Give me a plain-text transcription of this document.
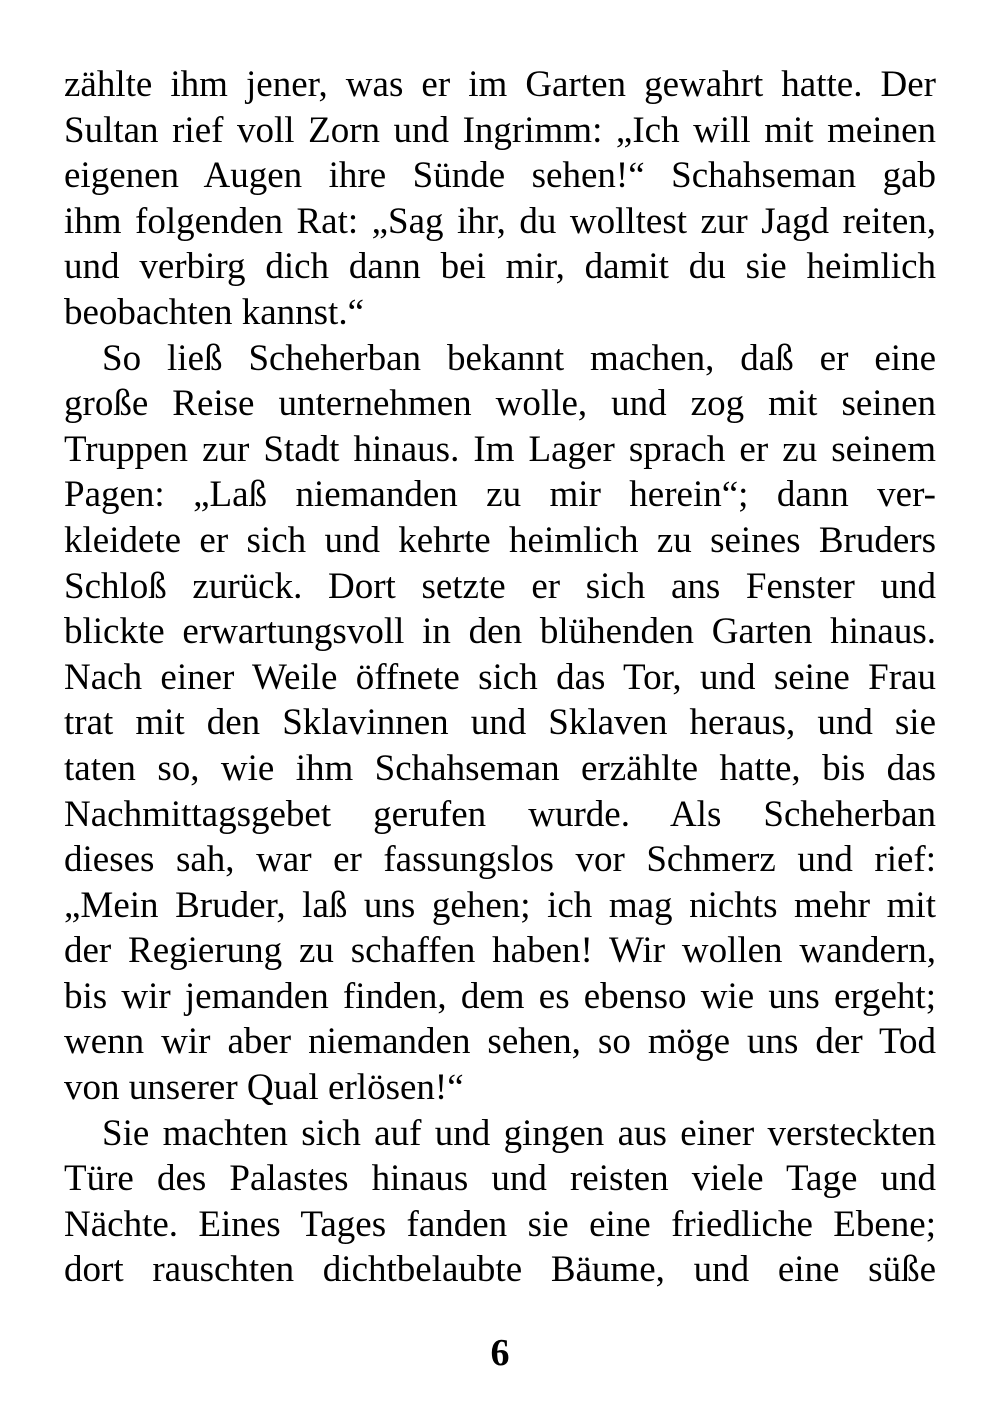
zählte ihm jener, was er im Garten gewahrt hatte. Der
Sultan rief voll Zorn und Ingrimm: „Ich will mit meinen
eigenen Augen ihre Sünde sehen!“ Schahseman gab
ihm folgenden Rat: „Sag ihr, du wolltest zur Jagd reiten,
und verbirg dich dann bei mir, damit du sie heimlich
beobachten kannst.“
So ließ Scheherban bekannt machen, daß er eine
große Reise unternehmen wolle, und zog mit seinen
Truppen zur Stadt hinaus. Im Lager sprach er zu seinem
Pagen: „Laß niemanden zu mir herein“; dann ver-
kleidete er sich und kehrte heimlich zu seines Bruders
Schloß zurück. Dort setzte er sich ans Fenster und
blickte erwartungsvoll in den blühenden Garten hinaus.
Nach einer Weile öffnete sich das Tor, und seine Frau
trat mit den Sklavinnen und Sklaven heraus, und sie
taten so, wie ihm Schahseman erzählte hatte, bis das
Nachmittagsgebet gerufen wurde. Als Scheherban
dieses sah, war er fassungslos vor Schmerz und rief:
„Mein Bruder, laß uns gehen; ich mag nichts mehr mit
der Regierung zu schaffen haben! Wir wollen wandern,
bis wir jemanden finden, dem es ebenso wie uns ergeht;
wenn wir aber niemanden sehen, so möge uns der Tod
von unserer Qual erlösen!“
Sie machten sich auf und gingen aus einer versteckten
Türe des Palastes hinaus und reisten viele Tage und
Nächte. Eines Tages fanden sie eine friedliche Ebene;
dort rauschten dichtbelaubte Bäume, und eine süße
6
